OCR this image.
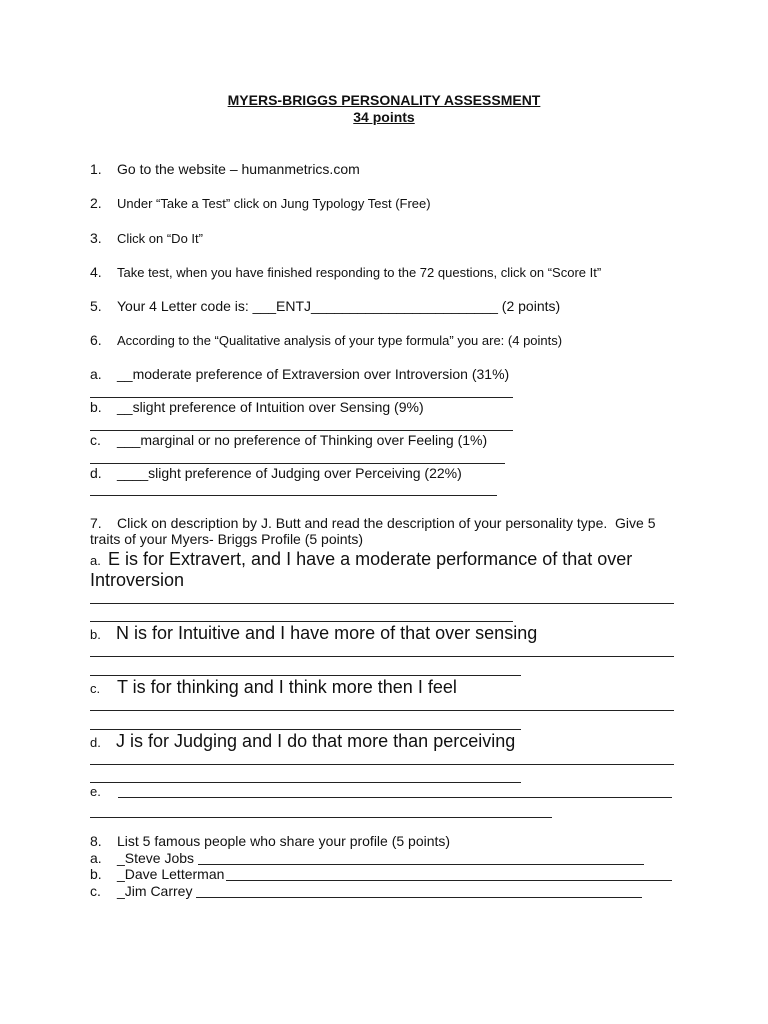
MYERS-BRIGGS PERSONALITY ASSESSMENT
34 points
1. Go to the website – humanmetrics.com
2. Under “Take a Test” click on Jung Typology Test (Free)
3. Click on “Do It”
4. Take test, when you have finished responding to the 72 questions, click on “Score It”
5. Your 4 Letter code is: ___ENTJ________________________ (2 points)
6. According to the “Qualitative analysis of your type formula” you are: (4 points)
a. __moderate preference of Extraversion over Introversion (31%)
b. __slight preference of Intuition over Sensing (9%)
c. ___marginal or no preference of Thinking over Feeling (1%)
d. ____slight preference of Judging over Perceiving (22%)
7. Click on description by J. Butt and read the description of your personality type.  Give 5
traits of your Myers- Briggs Profile (5 points)
a. E is for Extravert, and I have a moderate performance of that over
Introversion
b. N is for Intuitive and I have more of that over sensing
c. T is for thinking and I think more then I feel
d. J is for Judging and I do that more than perceiving
e.
8. List 5 famous people who share your profile (5 points)
a. _Steve Jobs
b. _Dave Letterman
c. _Jim Carrey
